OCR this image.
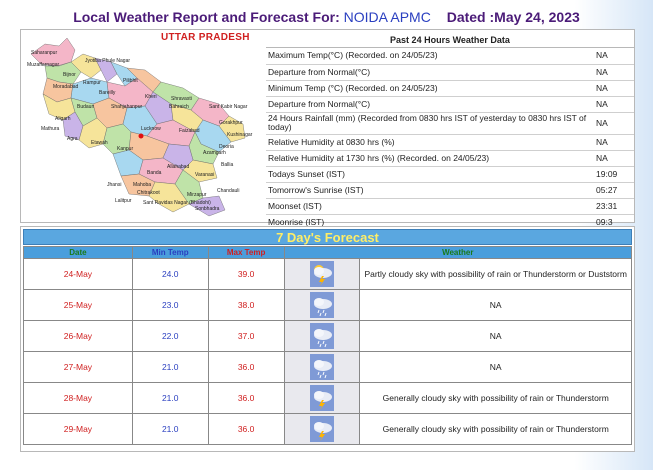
Local Weather Report and Forecast For: NOIDA APMC Dated :May 24, 2023
UTTAR PRADESH
Saharanpur
Muzaffarnagar
Jyotiba Phule Nagar
Bijnor
Moradabad
Rampur
Bareilly
Pilibhit
Budaun	Shahjahanpur
Kheri
Bahraich
Shravasti
Sant Kabir Nagar
Gorakhpur
Kushinagar
Deoria
Lucknow	Faizabad
Azamgarh
Ballia
Aligarh
Agra
Mathura
Etawah
Kanpur
Jhansi
Lalitpur
Mahoba
Banda
Allahabad
Varanasi
Mirzapur
Chitrakoot
Sant Ravidas Nagar (Bhadohi)
Sonbhadra
Chandauli
Past 24 Hours Weather Data
Maximum Temp(°C) (Recorded. on 24/05/23)	NA
Departure from Normal(°C)	NA
Minimum Temp (°C) (Recorded. on 24/05/23)	NA
Departure from Normal(°C)	NA
24 Hours Rainfall (mm) (Recorded from 0830 hrs IST of yesterday to 0830 hrs IST of today)	NA
Relative Humidity at 0830 hrs (%)	NA
Relative Humidity at 1730 hrs (%) (Recorded. on 24/05/23)	NA
Todays Sunset (IST)	19:09
Tomorrow's Sunrise (IST)	05:27
Moonset (IST)	23:31
Moonrise (IST)	09:3
7 Day's Forecast
Date	Min Temp	Max Temp	Weather	
24-May	24.0	39.0		Partly cloudy sky with possibility of rain or Thunderstorm or Duststorm
25-May	23.0	38.0		NA
26-May	22.0	37.0		NA
27-May	21.0	36.0		NA
28-May	21.0	36.0		Generally cloudy sky with possibility of rain or Thunderstorm
29-May	21.0	36.0		Generally cloudy sky with possibility of rain or Thunderstorm
